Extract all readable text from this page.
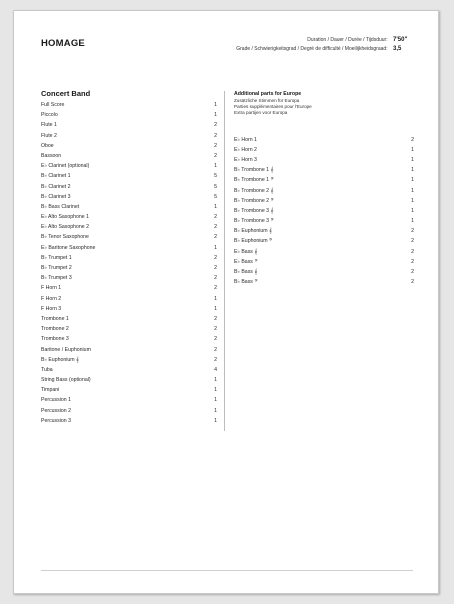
HOMAGE	Duration / Dauer / Durée / Tijdsduur: 7'50"
Grade / Schwierigkeitsgrad / Degré de difficulté / Moeilijkheidsgraad: 3,5
Concert Band
Full Score	1
Piccolo	1
Flute 1	2
Flute 2	2
Oboe	2
Bassoon	2
E♭ Clarinet (optional)	1
B♭ Clarinet 1	5
B♭ Clarinet 2	5
B♭ Clarinet 3	5
B♭ Bass Clarinet	1
E♭ Alto Saxophone 1	2
E♭ Alto Saxophone 2	2
B♭ Tenor Saxophone	2
E♭ Baritone Saxophone	1
B♭ Trumpet 1	2
B♭ Trumpet 2	2
B♭ Trumpet 3	2
F Horn 1	2
F Horn 2	1
F Horn 3	1
Trombone 1	2
Trombone 2	2
Trombone 3	2
Baritone / Euphonium	2
B♭ Euphonium 𝄞	2
Tuba	4
String Bass (optional)	1
Timpani	1
Percussion 1	1
Percussion 2	1
Percussion 3	1
Additional parts for Europe
Zusätzliche Stimmen für Europa
Parties supplémentaires pour l'Europe
Extra partijen voor Europa
E♭ Horn 1	2
E♭ Horn 2	1
E♭ Horn 3	1
B♭ Trombone 1 𝄞	1
B♭ Trombone 1 𝄢	1
B♭ Trombone 2 𝄞	1
B♭ Trombone 2 𝄢	1
B♭ Trombone 3 𝄞	1
B♭ Trombone 3 𝄢	1
B♭ Euphonium 𝄞	2
B♭ Euphonium 𝄢	2
E♭ Bass 𝄞	2
E♭ Bass 𝄢	2
B♭ Bass 𝄞	2
B♭ Bass 𝄢	2
